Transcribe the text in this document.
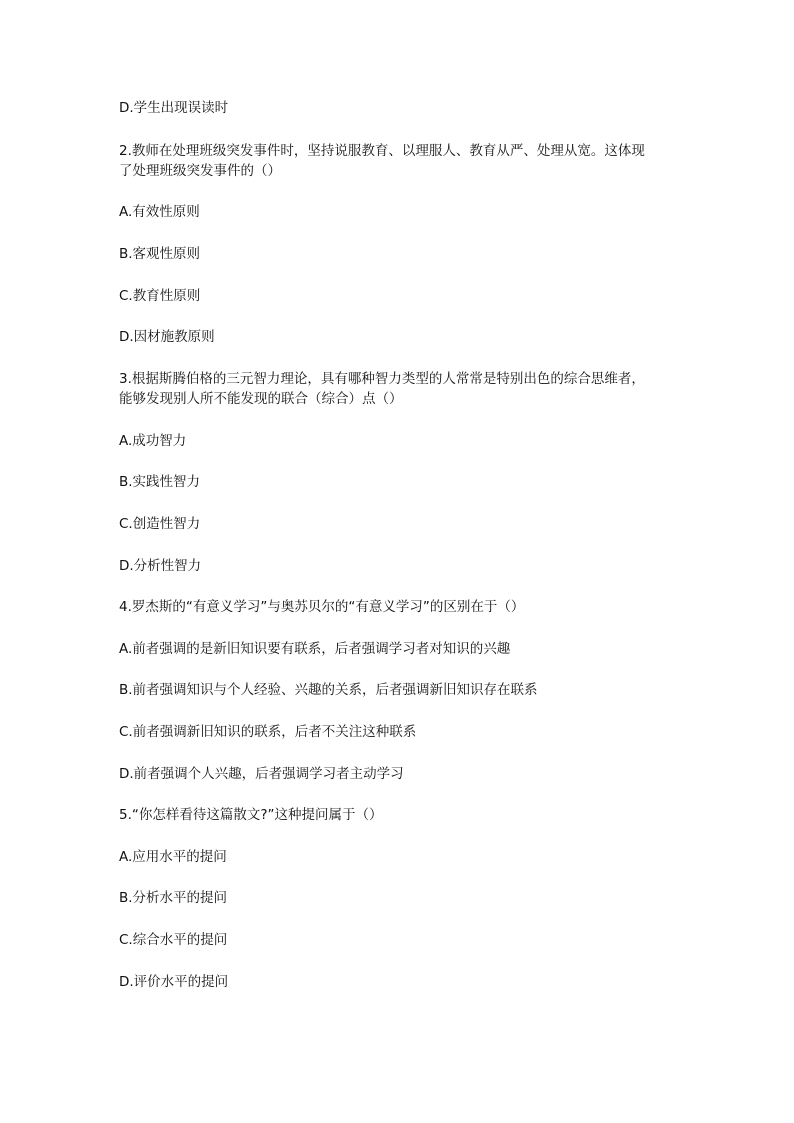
D.学生出现误读时
2.教师在处理班级突发事件时，坚持说服教育、以理服人、教育从严、处理从宽。这体现
了处理班级突发事件的（）
A.有效性原则
B.客观性原则
C.教育性原则
D.因材施教原则
3.根据斯腾伯格的三元智力理论，具有哪种智力类型的人常常是特别出色的综合思维者，
能够发现别人所不能发现的联合（综合）点（）
A.成功智力
B.实践性智力
C.创造性智力
D.分析性智力
4.罗杰斯的“有意义学习”与奥苏贝尔的“有意义学习”的区别在于（）
A.前者强调的是新旧知识要有联系，后者强调学习者对知识的兴趣
B.前者强调知识与个人经验、兴趣的关系，后者强调新旧知识存在联系
C.前者强调新旧知识的联系，后者不关注这种联系
D.前者强调个人兴趣，后者强调学习者主动学习
5.“你怎样看待这篇散文?”这种提问属于（）
A.应用水平的提问
B.分析水平的提问
C.综合水平的提问
D.评价水平的提问
